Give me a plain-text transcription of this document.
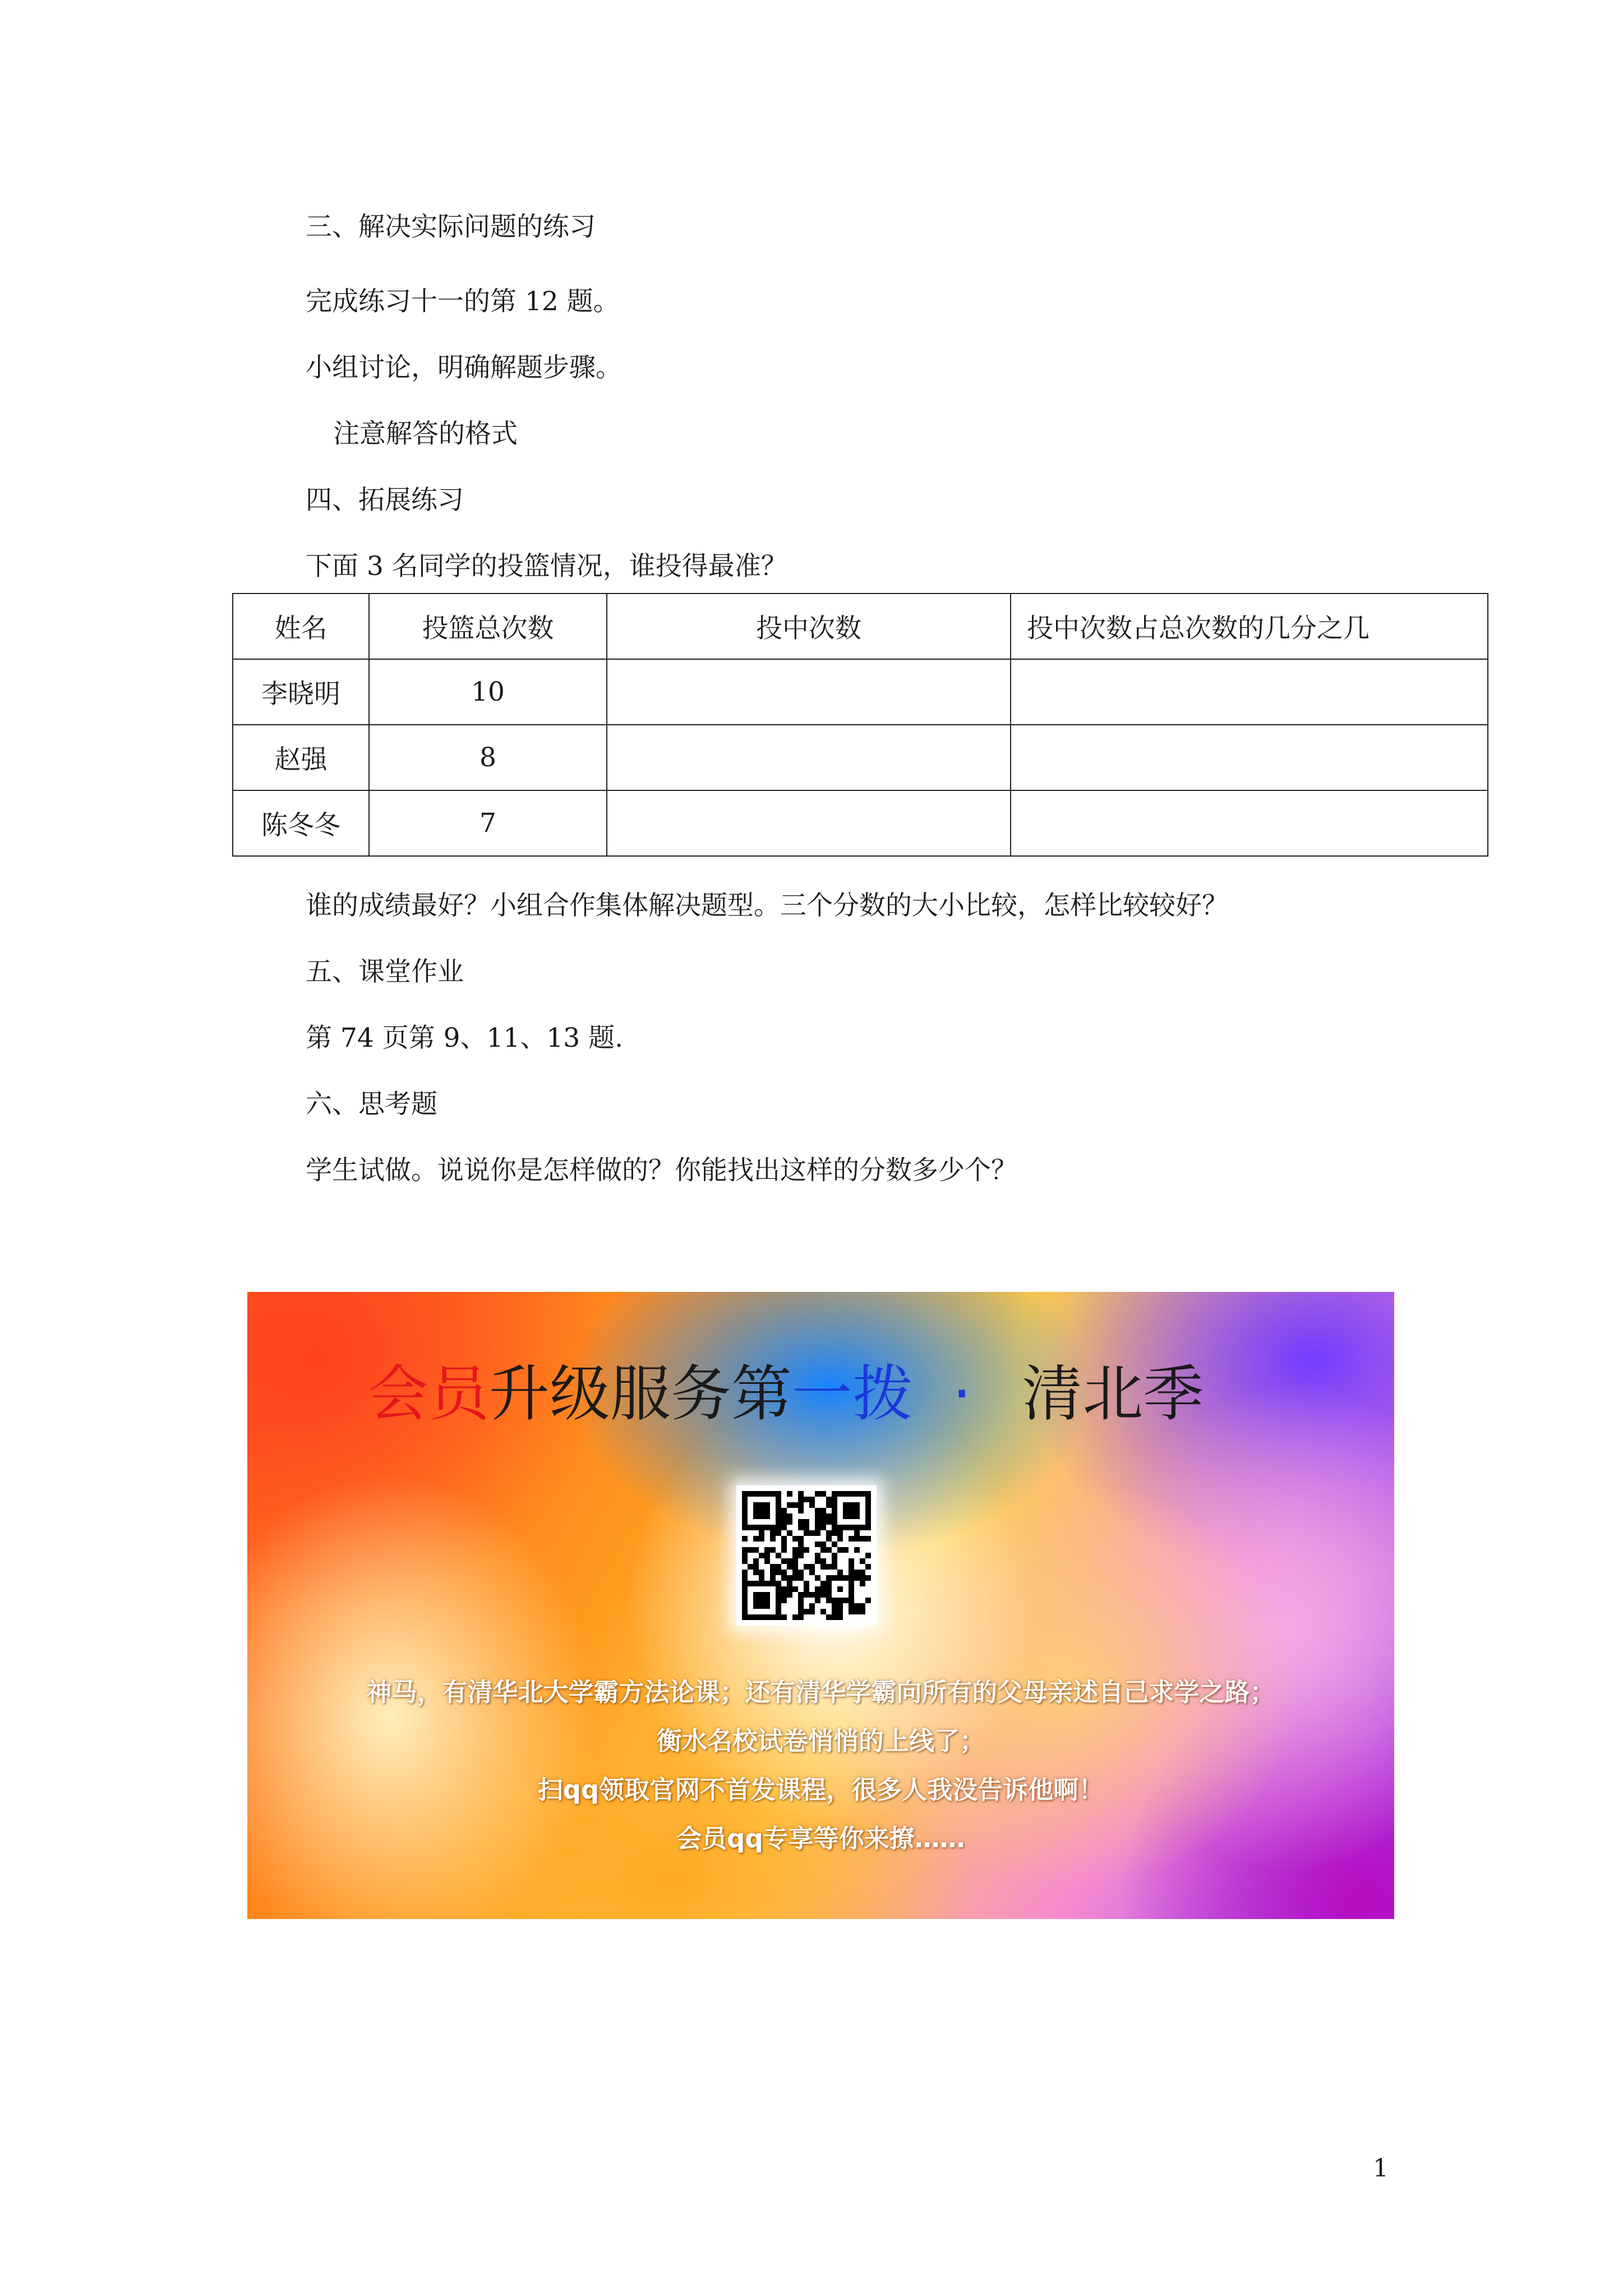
三、解决实际问题的练习

完成练习十一的第 12 题。

小组讨论，明确解题步骤。

注意解答的格式

四、拓展练习

下面 3 名同学的投篮情况，谁投得最准？

姓名	投篮总次数	投中次数	投中次数占总次数的几分之几
李晓明	10		
赵强	8		
陈冬冬	7		

谁的成绩最好？小组合作集体解决题型。三个分数的大小比较，怎样比较较好？

五、课堂作业

第 74 页第 9、11、13 题.

六、思考题

学生试做。说说你是怎样做的？你能找出这样的分数多少个？

会员升级服务第一拨 · 清北季
神马，有清华北大学霸方法论课；还有清华学霸向所有的父母亲述自己求学之路；
衡水名校试卷悄悄的上线了；
扫qq领取官网不首发课程，很多人我没告诉他啊！
会员qq专享等你来撩……

1
